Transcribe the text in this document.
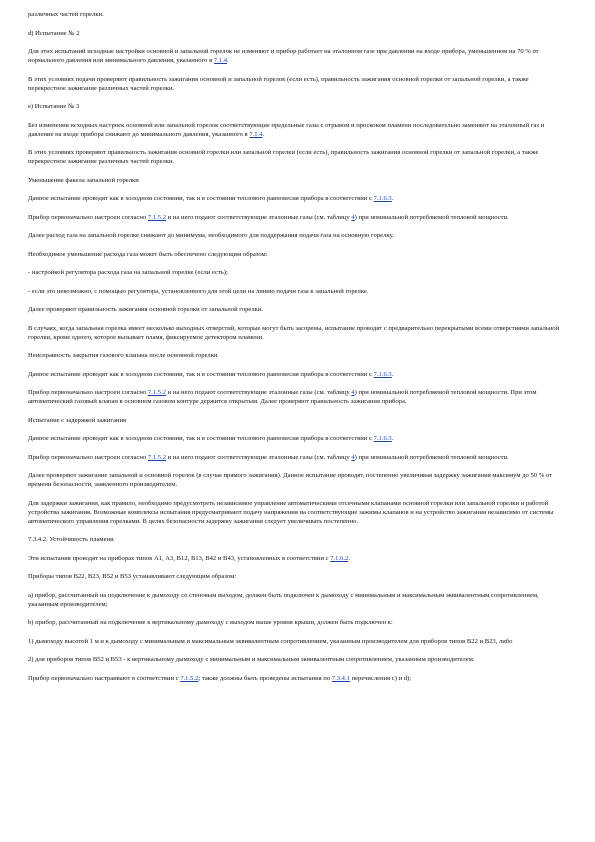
различных частей горелки.

d) Испытание № 2

Для этих испытаний исходные настройки основной и запальной горелок не изменяют и прибор работает на эталонном газе при давлении на входе прибора, уменьшенном на 70 % от нормального давления или минимального давления, указанного в 7.1.4.

В этих условиях подачи проверяют правильность зажигания основной и запальной горелок (если есть), правильность зажигания основной горелки от запальной горелки, а также перекрестное зажигание различных частей горелки.

e) Испытание № 3

Без изменения исходных настроек основной или запальной горелок соответствующие предельные газы с отрывом и проскоком пламени последовательно заменяют на эталонный газ и давление на входе прибора снижают до минимального давления, указанного в 7.1.4.

В этих условиях проверяют правильность зажигания основной горелки или запальной горелки (если есть), правильность зажигания основной горелки от запальной горелки, а также перекрестное зажигание различных частей горелки.

Уменьшение факела запальной горелки

Данное испытание проводят как в холодном состоянии, так и в состоянии теплового равновесия прибора в соответствии с 7.1.6.3.

Прибор первоначально настроен согласно 7.1.5.2 и на него подают соответствующие эталонные газы (см. таблицу 4) при номинальной потребляемой тепловой мощности.

Далее расход газа на запальной горелке снижают до минимума, необходимого для поддержания подачи газа на основную горелку.

Необходимое уменьшение расхода газа может быть обеспечено следующим образом:

- настройкой регулятора расхода газа на запальной горелке (если есть);

- если это невозможно, с помощью регулятора, установленного для этой цели на линию подачи газа к запальной горелке.

Далее проверяют правильность зажигания основной горелки от запальной горелки.

В случаях, когда запальная горелка имеет несколько выходных отверстий, которые могут быть засорены, испытание проводят с предварительно перекрытыми всеми отверстиями запальной горелки, кроме одного, которое вызывает пламя, фиксируемое детектором пламени.

Неисправность закрытия газового клапана после основной горелки

Данное испытание проводят как в холодном состоянии, так и в состоянии теплового равновесия прибора в соответствии с 7.1.6.3.

Прибор первоначально настроен согласно 7.1.5.2 и на него подают соответствующие эталонные газы (см. таблицу 4) при номинальной потребляемой тепловой мощности. При этом автоматический газовый клапан в основном газовом контуре держится открытым. Далее проверяют правильность зажигания прибора.

Испытание с задержкой зажигания

Данное испытание проводят как в холодном состоянии, так и в состоянии теплового равновесия прибора в соответствии с 7.1.6.3.

Прибор первоначально настроен согласно 7.1.5.2 и на него подают соответствующие эталонные газы (см. таблицу 4) при номинальной потребляемой тепловой мощности.

Далее проверяют зажигание запальной и основной горелок (в случае прямого зажигания). Данное испытание проводят, постепенно увеличивая задержку зажигания максимум до 50 % от времени безопасности, заявленного производителем.

Для задержки зажигания, как правило, необходимо предусмотреть независимое управление автоматическими отсечными клапанами основной горелки или запальной горелки и работой устройства зажигания. Возможные комплексы испытания предусматривают подачу напряжения на соответствующие зажимы клапанов и на устройство зажигания независимо от системы автоматического управления горелками. В целях безопасности задержку зажигания следует увеличивать постепенно.

7.3.4.2. Устойчивость пламени

Эти испытания проводят на приборах типов А1, А3, В12, В13, В42 и В43, установленных в соответствии с 7.1.6.2.

Приборы типов В22, В23, В52 и В53 устанавливают следующим образом:

a) прибор, рассчитанный на подключение к дымоходу со стеновым выходом, должен быть подключен к дымоходу с минимальным и максимальным эквивалентным сопротивлением, указанным производителем;

b) прибор, рассчитанный на подключение к вертикальному дымоходу с выходом выше уровня крыши, должен быть подключен к:

1) дымоходу высотой 1 м и к дымоходу с минимальным и максимальным эквивалентным сопротивлением, указанным производителем для приборов типов В22 и В23, либо

2) для приборов типов В52 и В53 - к вертикальному дымоходу с минимальным и максимальным эквивалентным сопротивлением, указанным производителем.

Прибор первоначально настраивают в соответствии с 7.1.5.2; также должны быть проведены испытания по 7.3.4.1 перечисления c) и d);
